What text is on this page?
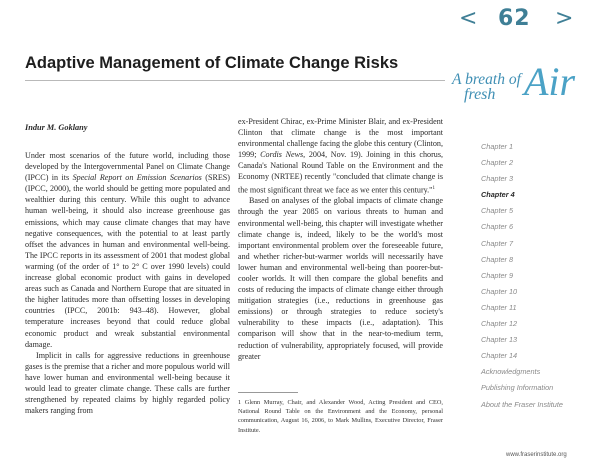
< 62 >
Adaptive Management of Climate Change Risks
A breath of
fresh Air
Indur M. Goklany

Under most scenarios of the future world, including those developed by the Intergovernmental Panel on Climate Change (IPCC) in its Special Report on Emission Scenarios (SRES) (IPCC, 2000), the world should be getting more populated and wealthier during this century. While this ought to advance human well-being, it should also increase greenhouse gas emissions, which may cause climate changes that may have negative consequences, with the potential to at least partly offset the advances in human and environmental well-being. The IPCC reports in its assessment of 2001 that modest global warming (of the order of 1° to 2° C over 1990 levels) could increase global economic product with gains in developed areas such as Canada and Northern Europe that are situated in the higher latitudes more than offsetting losses in developing countries (IPCC, 2001b: 943–48). However, global temperature increases beyond that could reduce global economic product and wreak substantial environmental damage.

Implicit in calls for aggressive reductions in greenhouse gases is the premise that a richer and more populous world will have lower human and environmental well-being because it would lead to greater climate change. These calls are further strengthened by repeated claims by highly regarded policy makers ranging from

ex-President Chirac, ex-Prime Minister Blair, and ex-President Clinton that climate change is the most important environmental challenge facing the globe this century (Clinton, 1999; Cordis News, 2004, Nov. 19). Joining in this chorus, Canada's National Round Table on the Environment and the Economy (NRTEE) recently "concluded that climate change is the most significant threat we face as we enter this century."$^1$

Based on analyses of the global impacts of climate change through the year 2085 on various threats to human and environmental well-being, this chapter will investigate whether climate change is, indeed, likely to be the world's most important environmental problem over the foreseeable future, and whether richer-but-warmer worlds will necessarily have lower human and environmental well-being than poorer-but-cooler worlds. It will then compare the global benefits and costs of reducing the impacts of climate change either through mitigation strategies (i.e., reductions in greenhouse gas emissions) or through strategies to reduce society's vulnerability to these impacts (i.e., adaptation). This comparison will show that in the near-to-medium term, reduction of vulnerability, appropriately focused, will provide greater

1 Glenn Murray, Chair, and Alexander Wood, Acting President and CEO, National Round Table on the Environment and the Economy, personal communication, August 16, 2006, to Mark Mullins, Executive Director, Fraser Institute.
Chapter 1
Chapter 2
Chapter 3
Chapter 4
Chapter 5
Chapter 6
Chapter 7
Chapter 8
Chapter 9
Chapter 10
Chapter 11
Chapter 12
Chapter 13
Chapter 14
Acknowledgments
Publishing Information
About the Fraser Institute
www.fraserinstitute.org
